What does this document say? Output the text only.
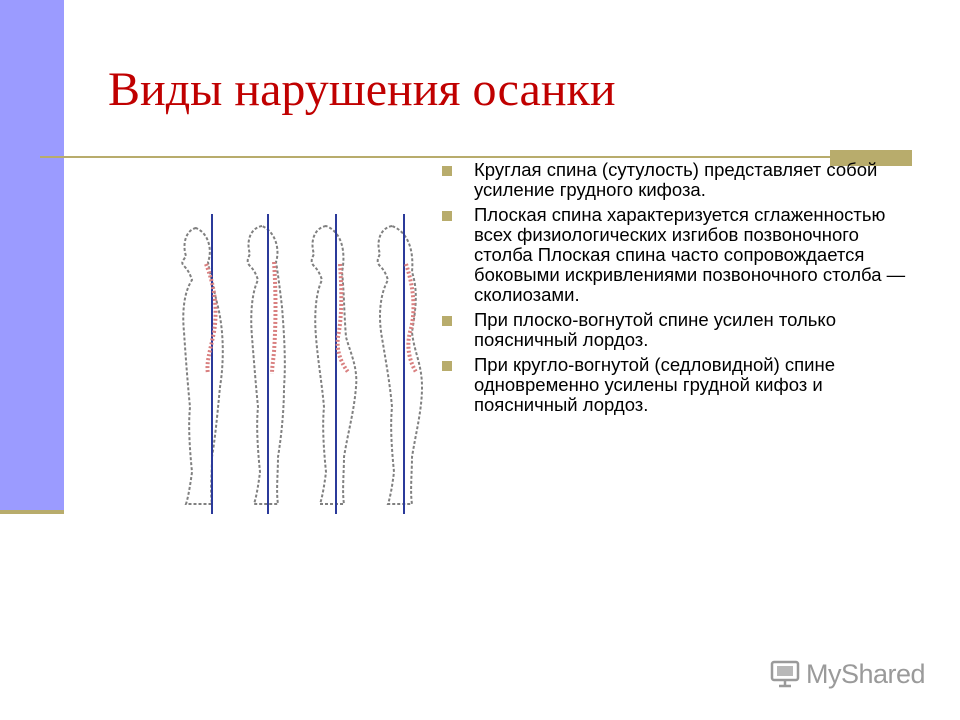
Виды нарушения осанки
Круглая спина (сутулость) представляет собой усиление грудного кифоза.
Плоская спина характеризуется сглаженностью всех физиологических изгибов позвоночного столба Плоская спина часто сопровождается боковыми искривлениями позвоночного столба — сколиозами.
При плоско-вогнутой спине усилен только поясничный лордоз.
При кругло-вогнутой (седловидной) спине одновременно усилены грудной кифоз и поясничный лордоз.
MyShared
